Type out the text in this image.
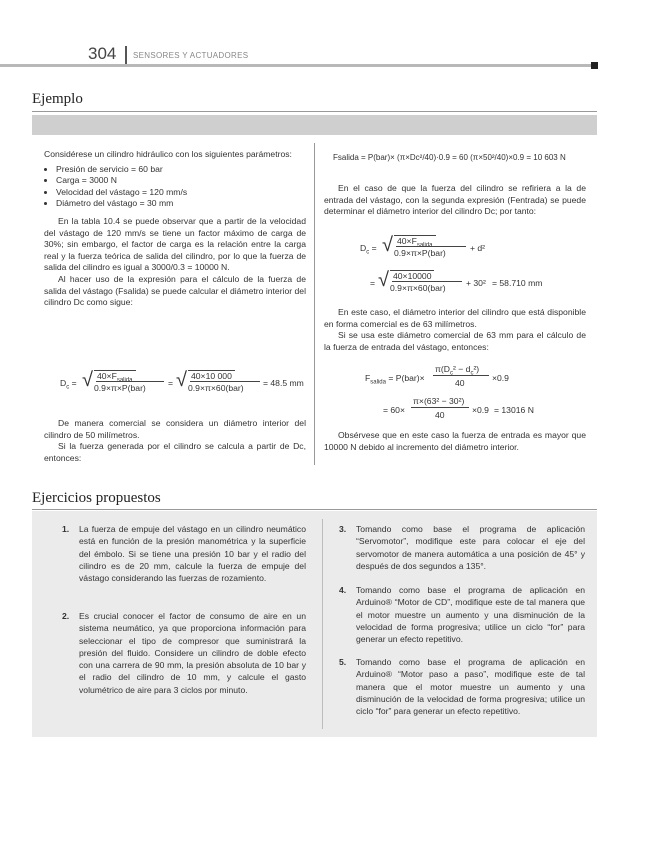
304 SENSORES Y ACTUADORES
Ejemplo

Considérese un cilindro hidráulico con los siguientes parámetros:

• Presión de servicio = 60 bar
• Carga = 3000 N
• Velocidad del vástago = 120 mm/s
• Diámetro del vástago = 30 mm

En la tabla 10.4 se puede observar que a partir de la velocidad del vástago de 120 mm/s se tiene un factor máximo de carga de 30%; sin embargo, el factor de carga es la relación entre la carga real y la fuerza teórica de salida del cilindro, por lo que la fuerza de salida del cilindro es igual a 3000/0.3 = 10000 N.

Al hacer uso de la expresión para el cálculo de la fuerza de salida del vástago (Fsalida) se puede calcular el diámetro interior del cilindro Dc como sigue:

$D_c$ = √ $40\times F_{salida}$
0.9×π×P(bar)	= √ 40×10 000
0.9×π×60(bar) = 48.5 mm

De manera comercial se considera un diámetro interior del cilindro de 50 milímetros.

Si la fuerza generada por el cilindro se calcula a partir de Dc, entonces:

Fsalida = P(bar)× (π×Dc²/40)·0.9 = 60 (π×50²/40)×0.9 = 10 603 N

En el caso de que la fuerza del cilindro se refiriera a la de entrada del vástago, con la segunda expresión (Fentrada) se puede determinar el diámetro interior del cilindro Dc; por tanto:

$D_c$ = √ $40\times F_{salida}$
0.9×π×P(bar)	+ d²
= √ 40×10000
0.9×π×60(bar) + 30² = 58.710 mm

En este caso, el diámetro interior del cilindro que está disponible en forma comercial es de 63 milímetros.

Si se usa este diámetro comercial de 63 mm para el cálculo de la fuerza de entrada del vástago, entonces:

$F_{salida} = P(bar)\times$
$\pi(D_c^2 - d_c^2)$
40	×0.9
= 60×
π×(63² − 30²)
40	×0.9 = 13016 N

Obsérvese que en este caso la fuerza de entrada es mayor que 10000 N debido al incremento del diámetro interior.

Ejercicios propuestos
1. La fuerza de empuje del vástago en un cilindro neumático está en función de la presión manométrica y la superficie del émbolo. Si se tiene una presión 10 bar y el radio del cilindro es de 20 mm, calcule la fuerza de empuje del vástago considerando las fuerzas de rozamiento.
2. Es crucial conocer el factor de consumo de aire en un sistema neumático, ya que proporciona información para seleccionar el tipo de compresor que suministrará la presión del fluido. Considere un cilindro de doble efecto con una carrera de 90 mm, la presión absoluta de 10 bar y el radio del cilindro de 10 mm, y calcule el gasto volumétrico de aire para 3 ciclos por minuto.
3. Tomando como base el programa de aplicación “Servomotor”, modifique este para colocar el eje del servomotor de manera automática a una posición de 45° y después de dos segundos a 135°.
4. Tomando como base el programa de aplicación en Arduino® “Motor de CD”, modifique este de tal manera que el motor muestre un aumento y una disminución de la velocidad de forma progresiva; utilice un ciclo “for” para generar un efecto repetitivo.
5. Tomando como base el programa de aplicación en Arduino® “Motor paso a paso”, modifique este de tal manera que el motor muestre un aumento y una disminución de la velocidad de forma progresiva; utilice un ciclo “for” para generar un efecto repetitivo.
